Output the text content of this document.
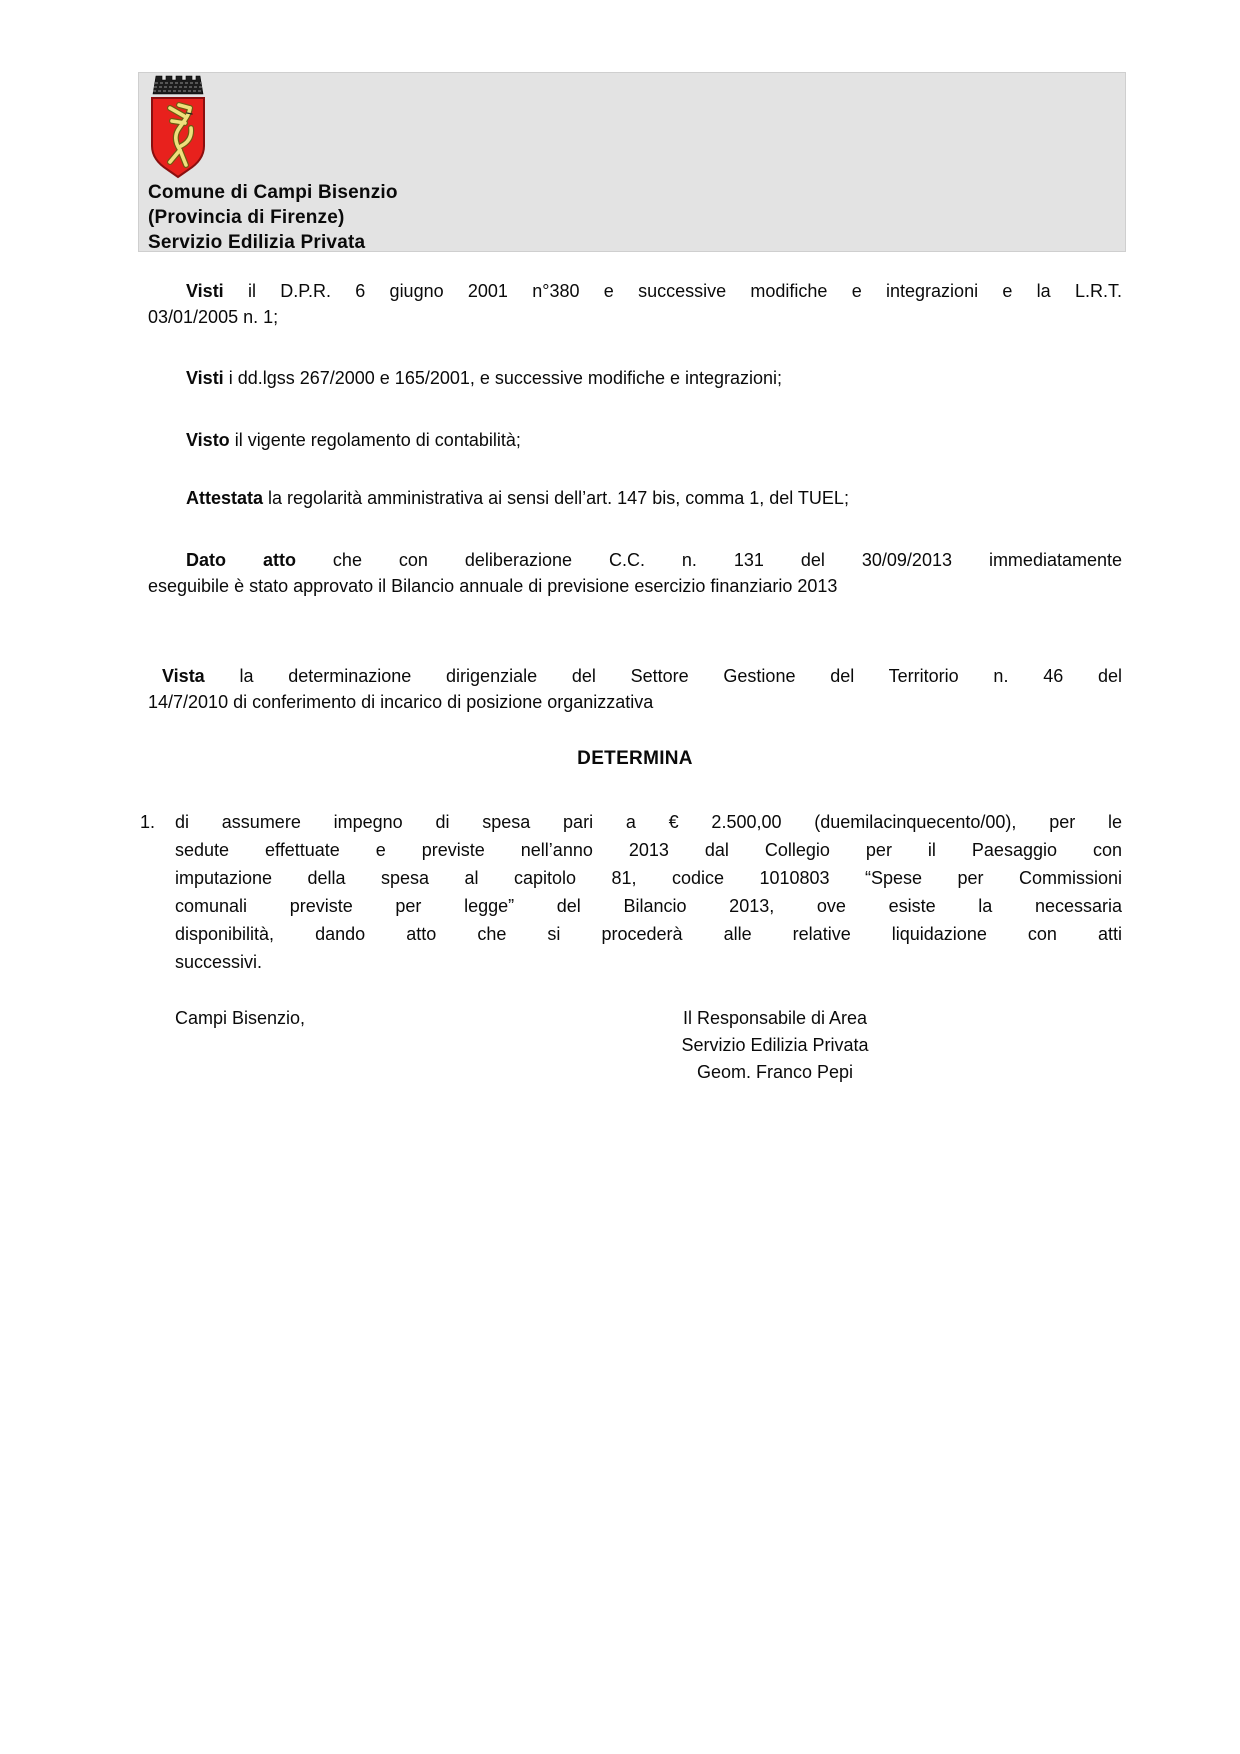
Comune di Campi Bisenzio
(Provincia di Firenze)
Servizio Edilizia Privata
Visti il D.P.R. 6 giugno 2001 n°380 e successive modifiche e integrazioni e la L.R.T.
03/01/2005 n. 1;
Visti i dd.lgss 267/2000 e 165/2001, e successive modifiche e integrazioni;
Visto il vigente regolamento di contabilità;
Attestata la regolarità amministrativa ai sensi dell’art. 147 bis, comma 1, del TUEL;
Dato atto che con deliberazione C.C. n. 131 del 30/09/2013 immediatamente
eseguibile è stato approvato il Bilancio annuale di previsione esercizio finanziario 2013
Vista la determinazione dirigenziale del Settore Gestione del Territorio n. 46 del
14/7/2010 di conferimento di incarico di posizione organizzativa
DETERMINA
1.	di assumere impegno di spesa pari a € 2.500,00 (duemilacinquecento/00), per le
sedute effettuate e previste nell’anno 2013 dal Collegio per il Paesaggio con
imputazione della spesa al capitolo 81, codice 1010803 “Spese per Commissioni
comunali previste per legge” del Bilancio 2013, ove esiste la necessaria
disponibilità, dando atto che si procederà alle relative liquidazione con atti
successivi.
Campi Bisenzio,	Il Responsabile di Area
Servizio Edilizia Privata
Geom. Franco Pepi
